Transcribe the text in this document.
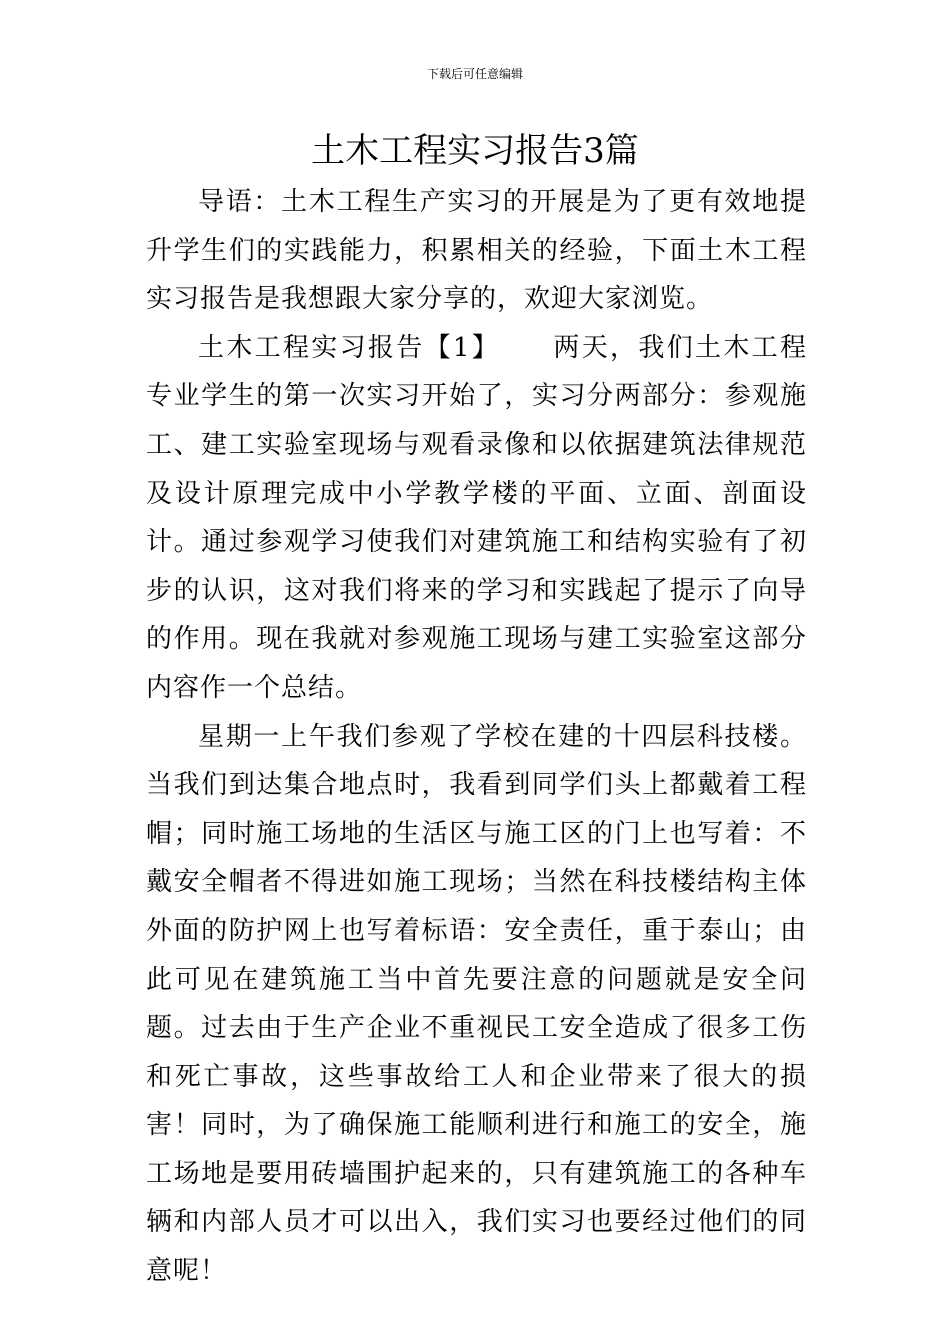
下载后可任意编辑
土木工程实习报告3篇

导语：土木工程生产实习的开展是为了更有效地提升学生们的实践能力，积累相关的经验，下面土木工程实习报告是我想跟大家分享的，欢迎大家浏览。

土木工程实习报告【1】 两天，我们土木工程专业学生的第一次实习开始了，实习分两部分：参观施工、建工实验室现场与观看录像和以依据建筑法律规范及设计原理完成中小学教学楼的平面、立面、剖面设计。通过参观学习使我们对建筑施工和结构实验有了初步的认识，这对我们将来的学习和实践起了提示了向导的作用。现在我就对参观施工现场与建工实验室这部分内容作一个总结。

星期一上午我们参观了学校在建的十四层科技楼。当我们到达集合地点时，我看到同学们头上都戴着工程帽；同时施工场地的生活区与施工区的门上也写着：不戴安全帽者不得进如施工现场；当然在科技楼结构主体外面的防护网上也写着标语：安全责任，重于泰山；由此可见在建筑施工当中首先要注意的问题就是安全问题。过去由于生产企业不重视民工安全造成了很多工伤和死亡事故，这些事故给工人和企业带来了很大的损害！同时，为了确保施工能顺利进行和施工的安全，施工场地是要用砖墙围护起来的，只有建筑施工的各种车辆和内部人员才可以出入，我们实习也要经过他们的同意呢！
